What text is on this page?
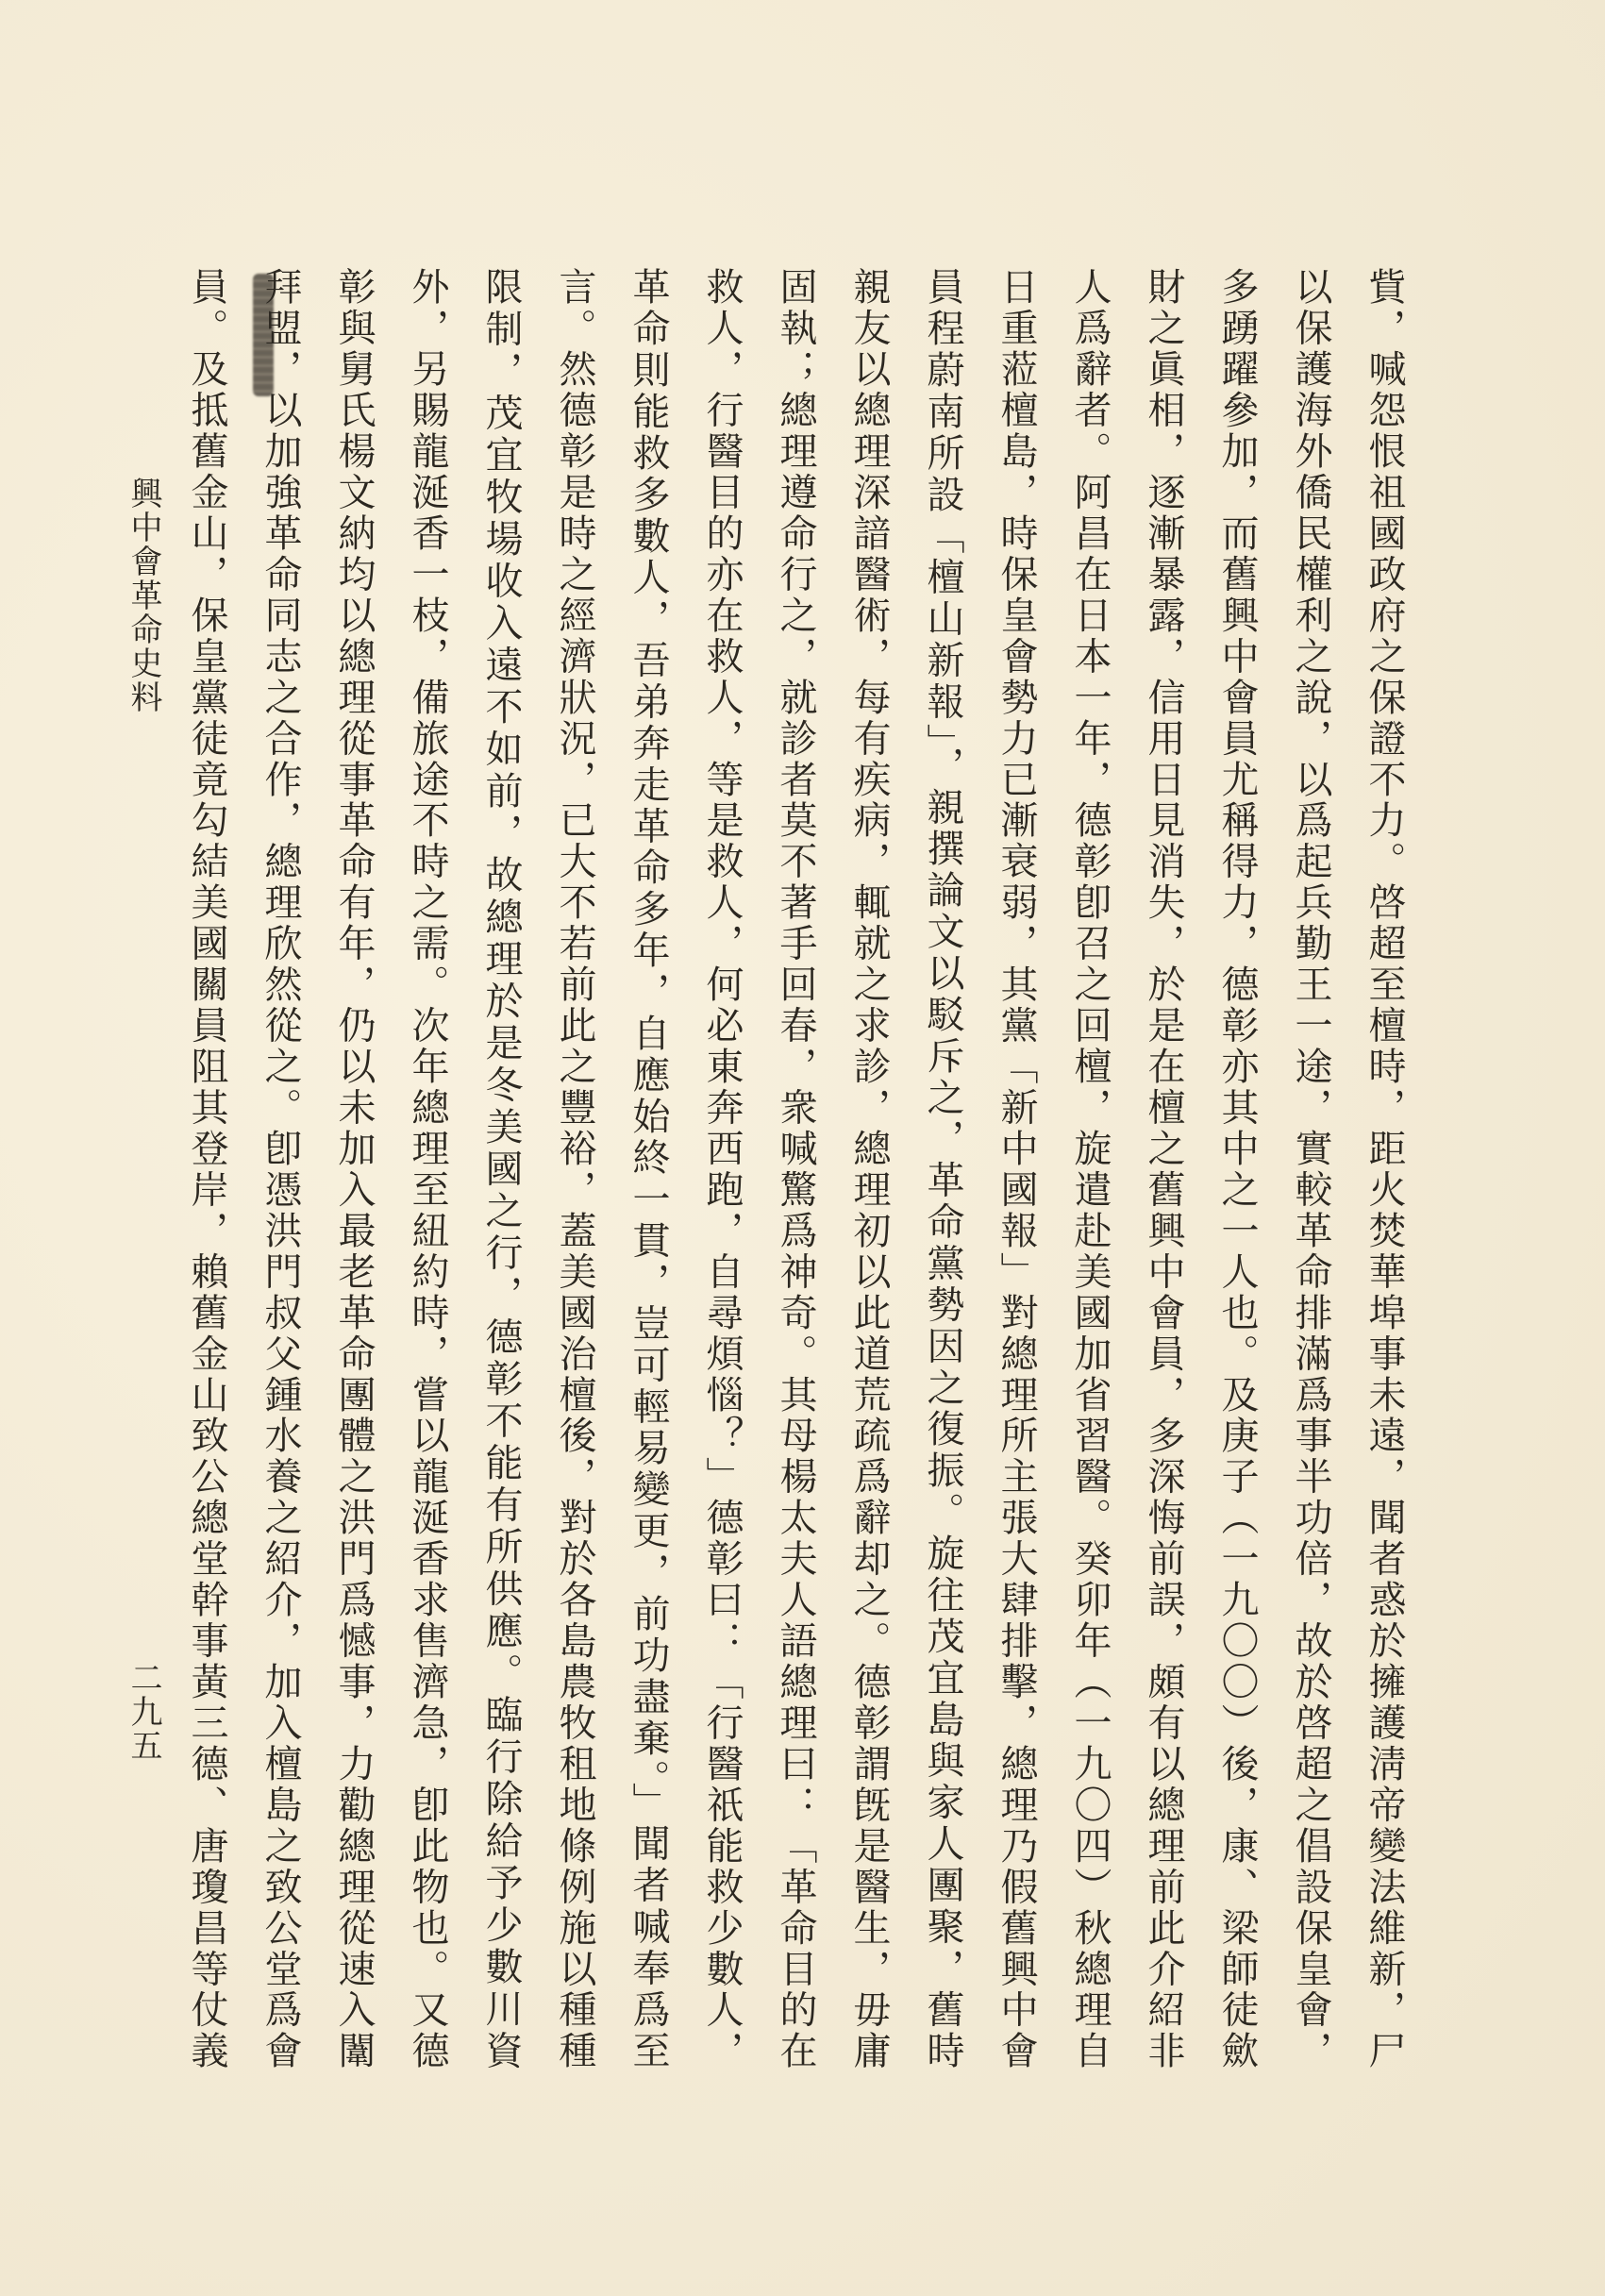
貲，喊怨恨祖國政府之保證不力。啓超至檀時，距火焚華埠事未遠，聞者惑於擁護淸帝變法維新，尸
以保護海外僑民權利之說，以爲起兵勤王一途，實較革命排滿爲事半功倍，故於啓超之倡設保皇會，
多踴躍參加，而舊興中會員尤稱得力，德彰亦其中之一人也。及庚子（一九〇〇）後，康、梁師徒歛
財之眞相，逐漸暴露，信用日見消失，於是在檀之舊興中會員，多深悔前誤，頗有以總理前此介紹非
人爲辭者。阿昌在日本一年，德彰卽召之回檀，旋遣赴美國加省習醫。癸卯年（一九〇四）秋總理自
日重蒞檀島，時保皇會勢力已漸衰弱，其黨「新中國報」對總理所主張大肆排擊，總理乃假舊興中會
員程蔚南所設「檀山新報」，親撰論文以駁斥之，革命黨勢因之復振。旋往茂宜島與家人團聚，舊時
親友以總理深諳醫術，每有疾病，輒就之求診，總理初以此道荒疏爲辭却之。德彰謂旣是醫生，毋庸
固執；總理遵命行之，就診者莫不著手回春，衆喊驚爲神奇。其母楊太夫人語總理曰：「革命目的在
救人，行醫目的亦在救人，等是救人，何必東奔西跑，自尋煩惱？」德彰曰：「行醫祇能救少數人，
革命則能救多數人，吾弟奔走革命多年，自應始終一貫，豈可輕易變更，前功盡棄。」聞者喊奉爲至
言。然德彰是時之經濟狀況，已大不若前此之豐裕，蓋美國治檀後，對於各島農牧租地條例施以種種
限制，茂宜牧場收入遠不如前，故總理於是冬美國之行，德彰不能有所供應。臨行除給予少數川資
外，另賜龍涎香一枝，備旅途不時之需。次年總理至紐約時，嘗以龍涎香求售濟急，卽此物也。又德
彰與舅氏楊文納均以總理從事革命有年，仍以未加入最老革命團體之洪門爲憾事，力勸總理從速入闈
拜盟，以加強革命同志之合作，總理欣然從之。卽憑洪門叔父鍾水養之紹介，加入檀島之致公堂爲會
員。及抵舊金山，保皇黨徒竟勾結美國關員阻其登岸，賴舊金山致公總堂幹事黃三德、唐瓊昌等仗義
興中會革命史料
二九五
